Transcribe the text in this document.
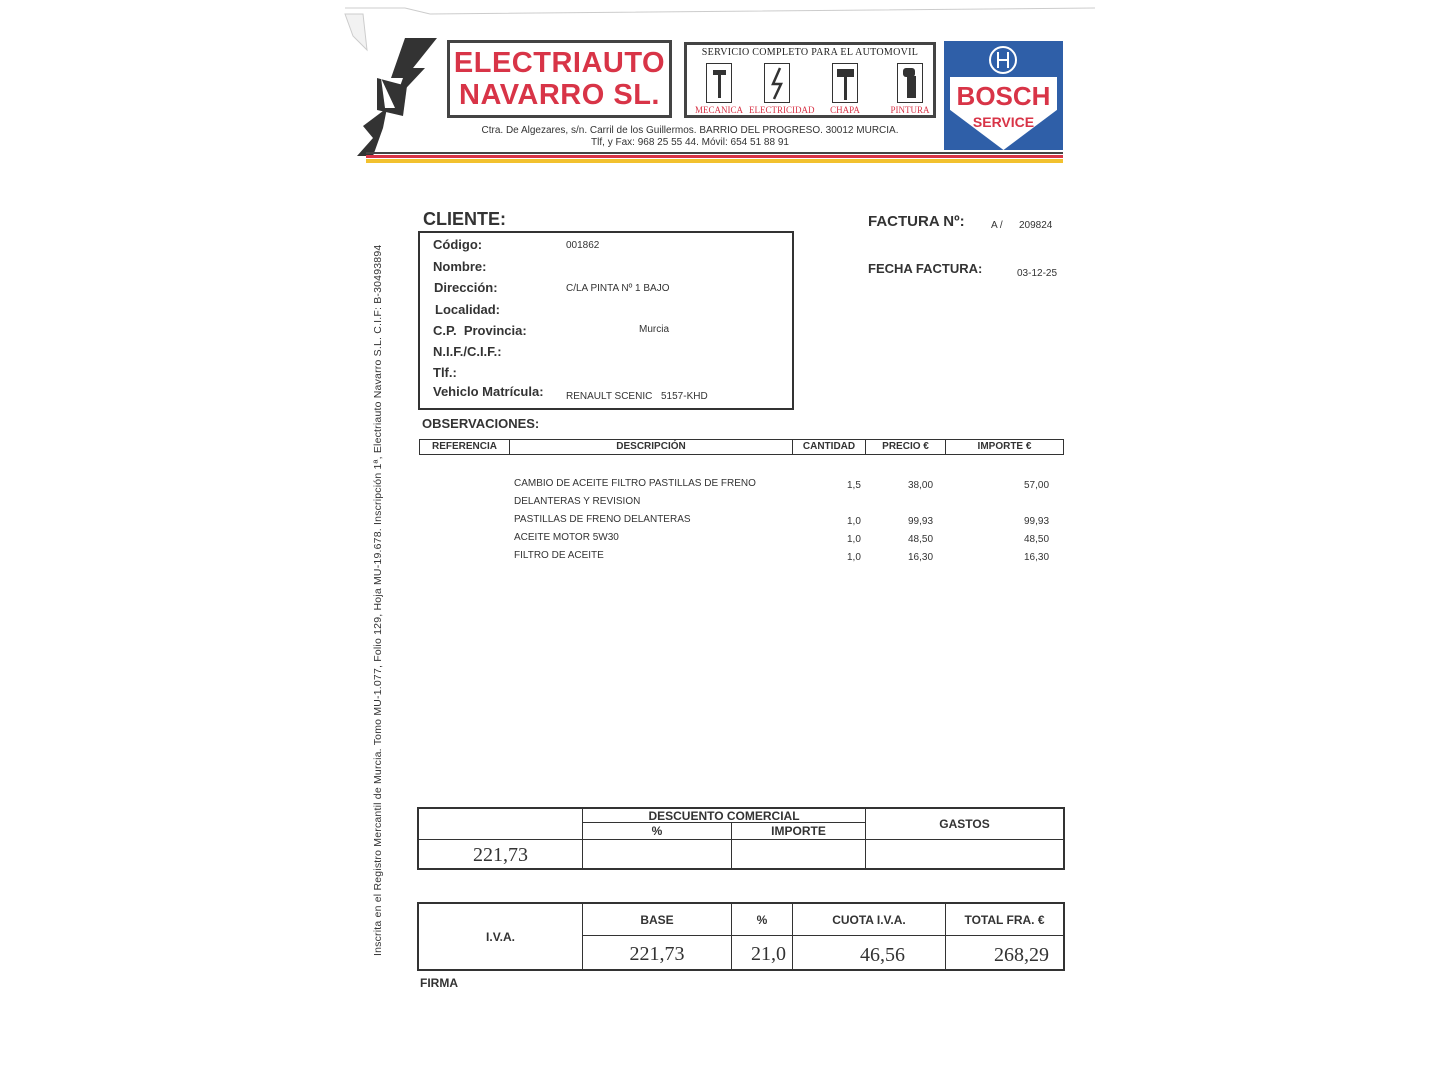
ELECTRIAUTO
NAVARRO SL.
SERVICIO COMPLETO PARA EL AUTOMOVIL
MECANICA ELECTRICIDAD	CHAPA	PINTURA	BOSCH
SERVICE
Ctra. De Algezares, s/n. Carril de los Guillermos. BARRIO DEL PROGRESO. 30012 MURCIA.
Tlf, y Fax: 968 25 55 44. Móvil: 654 51 88 91
Inscrita en el Registro Mercantil de Murcia. Tomo MU-1.077, Folio 129, Hoja MU-19.678. Inscripción 1ª, Electriauto Navarro S.L. C.I.F: B-30493894
CLIENTE:
Código:	001862
Nombre:
Dirección:	C/LA PINTA Nº 1 BAJO
Localidad:
C.P.  Provincia:	Murcia
N.I.F./C.I.F.:
Tlf.:
Vehiclo Matrícula: RENAULT SCENIC 5157-KHD
FACTURA Nº:	A / 209824
FECHA FACTURA:	03-12-25
OBSERVACIONES:
REFERENCIA	DESCRIPCIÓN	CANTIDAD	PRECIO €	IMPORTE €
CAMBIO DE ACEITE FILTRO PASTILLAS DE FRENO	1,5	38,00	57,00
DELANTERAS Y REVISION
PASTILLAS DE FRENO DELANTERAS	1,0	99,93	99,93
ACEITE MOTOR 5W30	1,0	48,50	48,50
FILTRO DE ACEITE	1,0	16,30	16,30
DESCUENTO COMERCIAL
%	IMPORTE	GASTOS
221,73
I.V.A.
BASE	%	CUOTA I.V.A.	TOTAL FRA. €
221,73	21,0	46,56	268,29
FIRMA
